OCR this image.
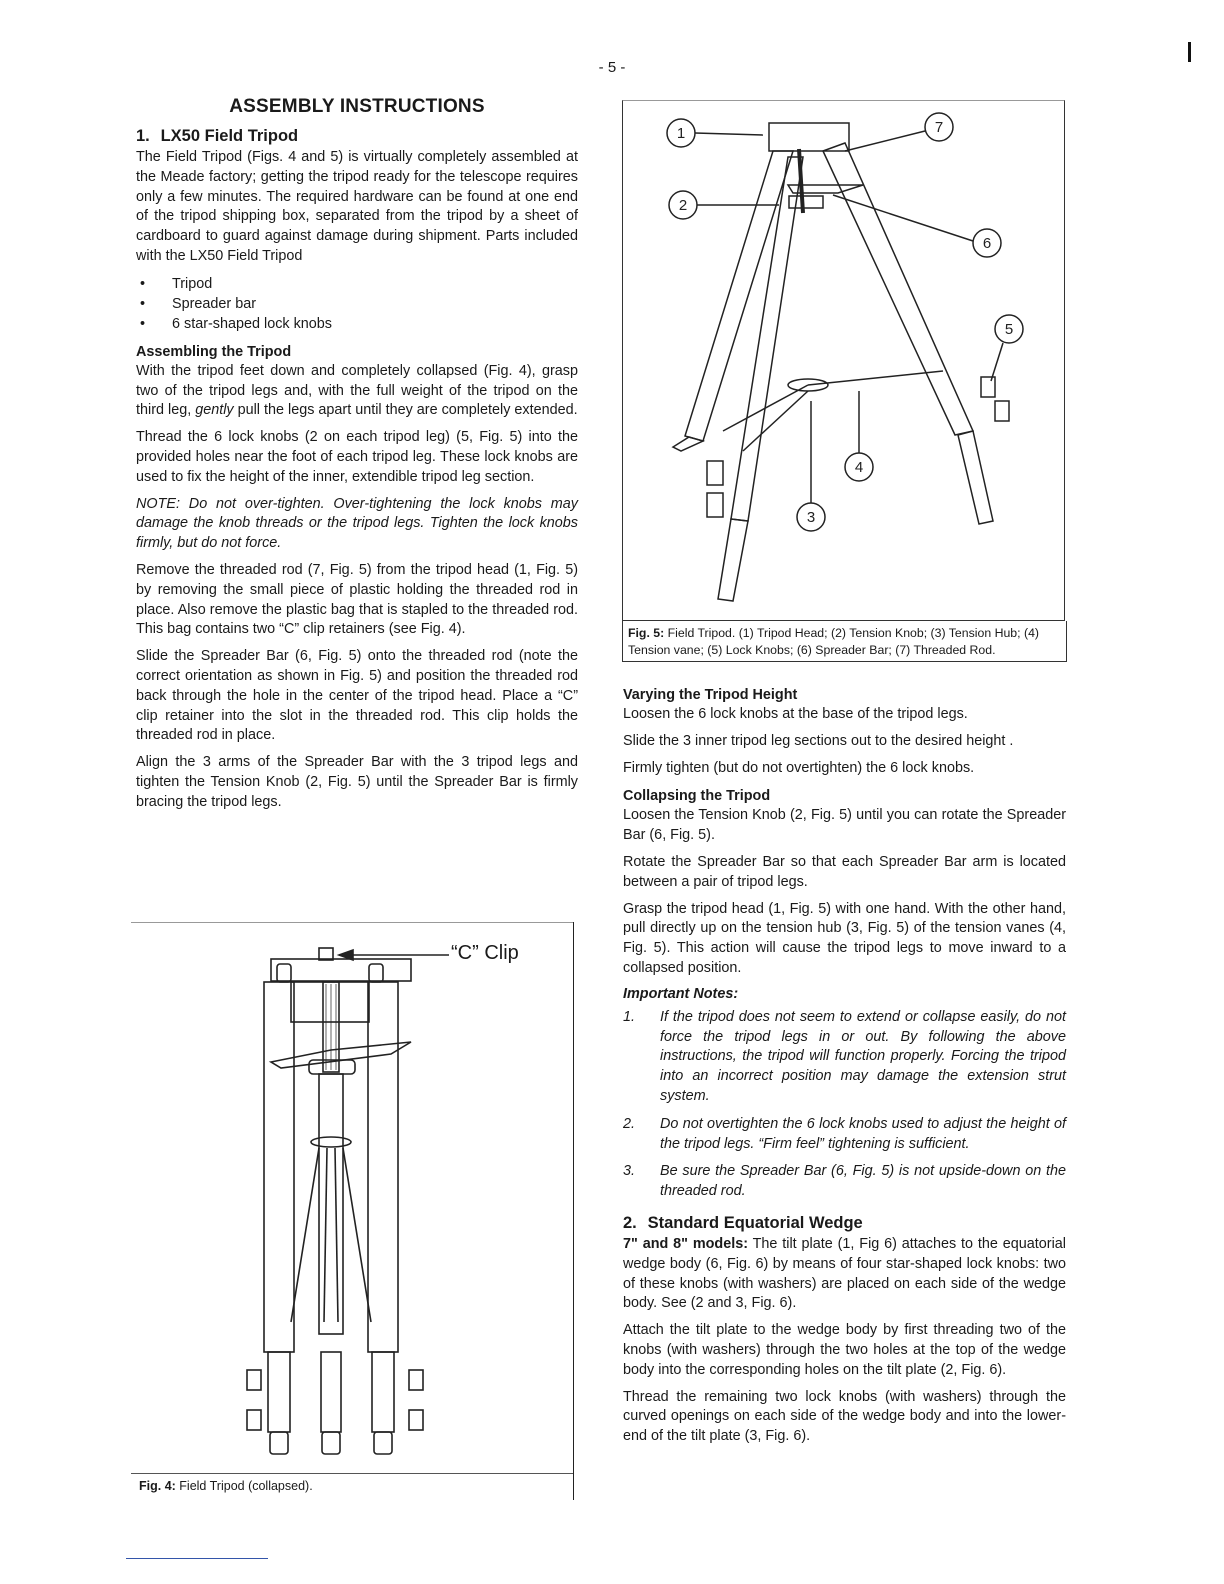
- 5 -
ASSEMBLY INSTRUCTIONS
1. LX50 Field Tripod

The Field Tripod (Figs. 4 and 5) is virtually completely assembled at the Meade factory; getting the tripod ready for the telescope requires only a few minutes. The required hardware can be found at one end of the tripod shipping box, separated from the tripod by a sheet of cardboard to guard against damage during shipment. Parts included with the LX50 Field Tripod

• Tripod
• Spreader bar
• 6 star-shaped lock knobs
Assembling the Tripod

With the tripod feet down and completely collapsed (Fig. 4), grasp two of the tripod legs and, with the full weight of the tripod on the third leg, gently pull the legs apart until they are completely extended.

Thread the 6 lock knobs (2 on each tripod leg) (5, Fig. 5) into the provided holes near the foot of each tripod leg. These lock knobs are used to fix the height of the inner, extendible tripod leg section.

NOTE: Do not over-tighten. Over-tightening the lock knobs may damage the knob threads or the tripod legs. Tighten the lock knobs firmly, but do not force.

Remove the threaded rod (7, Fig. 5) from the tripod head (1, Fig. 5) by removing the small piece of plastic holding the threaded rod in place. Also remove the plastic bag that is stapled to the threaded rod. This bag contains two “C” clip retainers (see Fig. 4).

Slide the Spreader Bar (6, Fig. 5) onto the threaded rod (note the correct orientation as shown in Fig. 5) and position the threaded rod back through the hole in the center of the tripod head. Place a “C” clip retainer into the slot in the threaded rod. This clip holds the threaded rod in place.

Align the 3 arms of the Spreader Bar with the 3 tripod legs and tighten the Tension Knob (2, Fig. 5) until the Spreader Bar is firmly bracing the tripod legs.

“C” Clip
Fig. 4: Field Tripod (collapsed).
1
2
3
4
5
6
7
Fig. 5: Field Tripod. (1) Tripod Head; (2) Tension Knob; (3) Tension Hub; (4) Tension vane; (5) Lock Knobs; (6) Spreader Bar; (7) Threaded Rod.
Varying the Tripod Height

Loosen the 6 lock knobs at the base of the tripod legs.

Slide the 3 inner tripod leg sections out to the desired height .

Firmly tighten (but do not overtighten) the 6 lock knobs.

Collapsing the Tripod

Loosen the Tension Knob (2, Fig. 5) until you can rotate the Spreader Bar (6, Fig. 5).

Rotate the Spreader Bar so that each Spreader Bar arm is located between a pair of tripod legs.

Grasp the tripod head (1, Fig. 5) with one hand. With the other hand, pull directly up on the tension hub (3, Fig. 5) of the tension vanes (4, Fig. 5). This action will cause the tripod legs to move inward to a collapsed position.

Important Notes:
1. If the tripod does not seem to extend or collapse easily, do not force the tripod legs in or out. By following the above instructions, the tripod will function properly. Forcing the tripod into an incorrect position may damage the extension strut system.
2. Do not overtighten the 6 lock knobs used to adjust the height of the tripod legs. “Firm feel” tightening is sufficient.
3. Be sure the Spreader Bar (6, Fig. 5) is not upside-down on the threaded rod.
2. Standard Equatorial Wedge

7" and 8" models: The tilt plate (1, Fig 6) attaches to the equatorial wedge body (6, Fig. 6) by means of four star-shaped lock knobs: two of these knobs (with washers) are placed on each side of the wedge body. See (2 and 3, Fig. 6).

Attach the tilt plate to the wedge body by first threading two of the knobs (with washers) through the two holes at the top of the wedge body into the corresponding holes on the tilt plate (2, Fig. 6).

Thread the remaining two lock knobs (with washers) through the curved openings on each side of the wedge body and into the lower-end of the tilt plate (3, Fig. 6).
